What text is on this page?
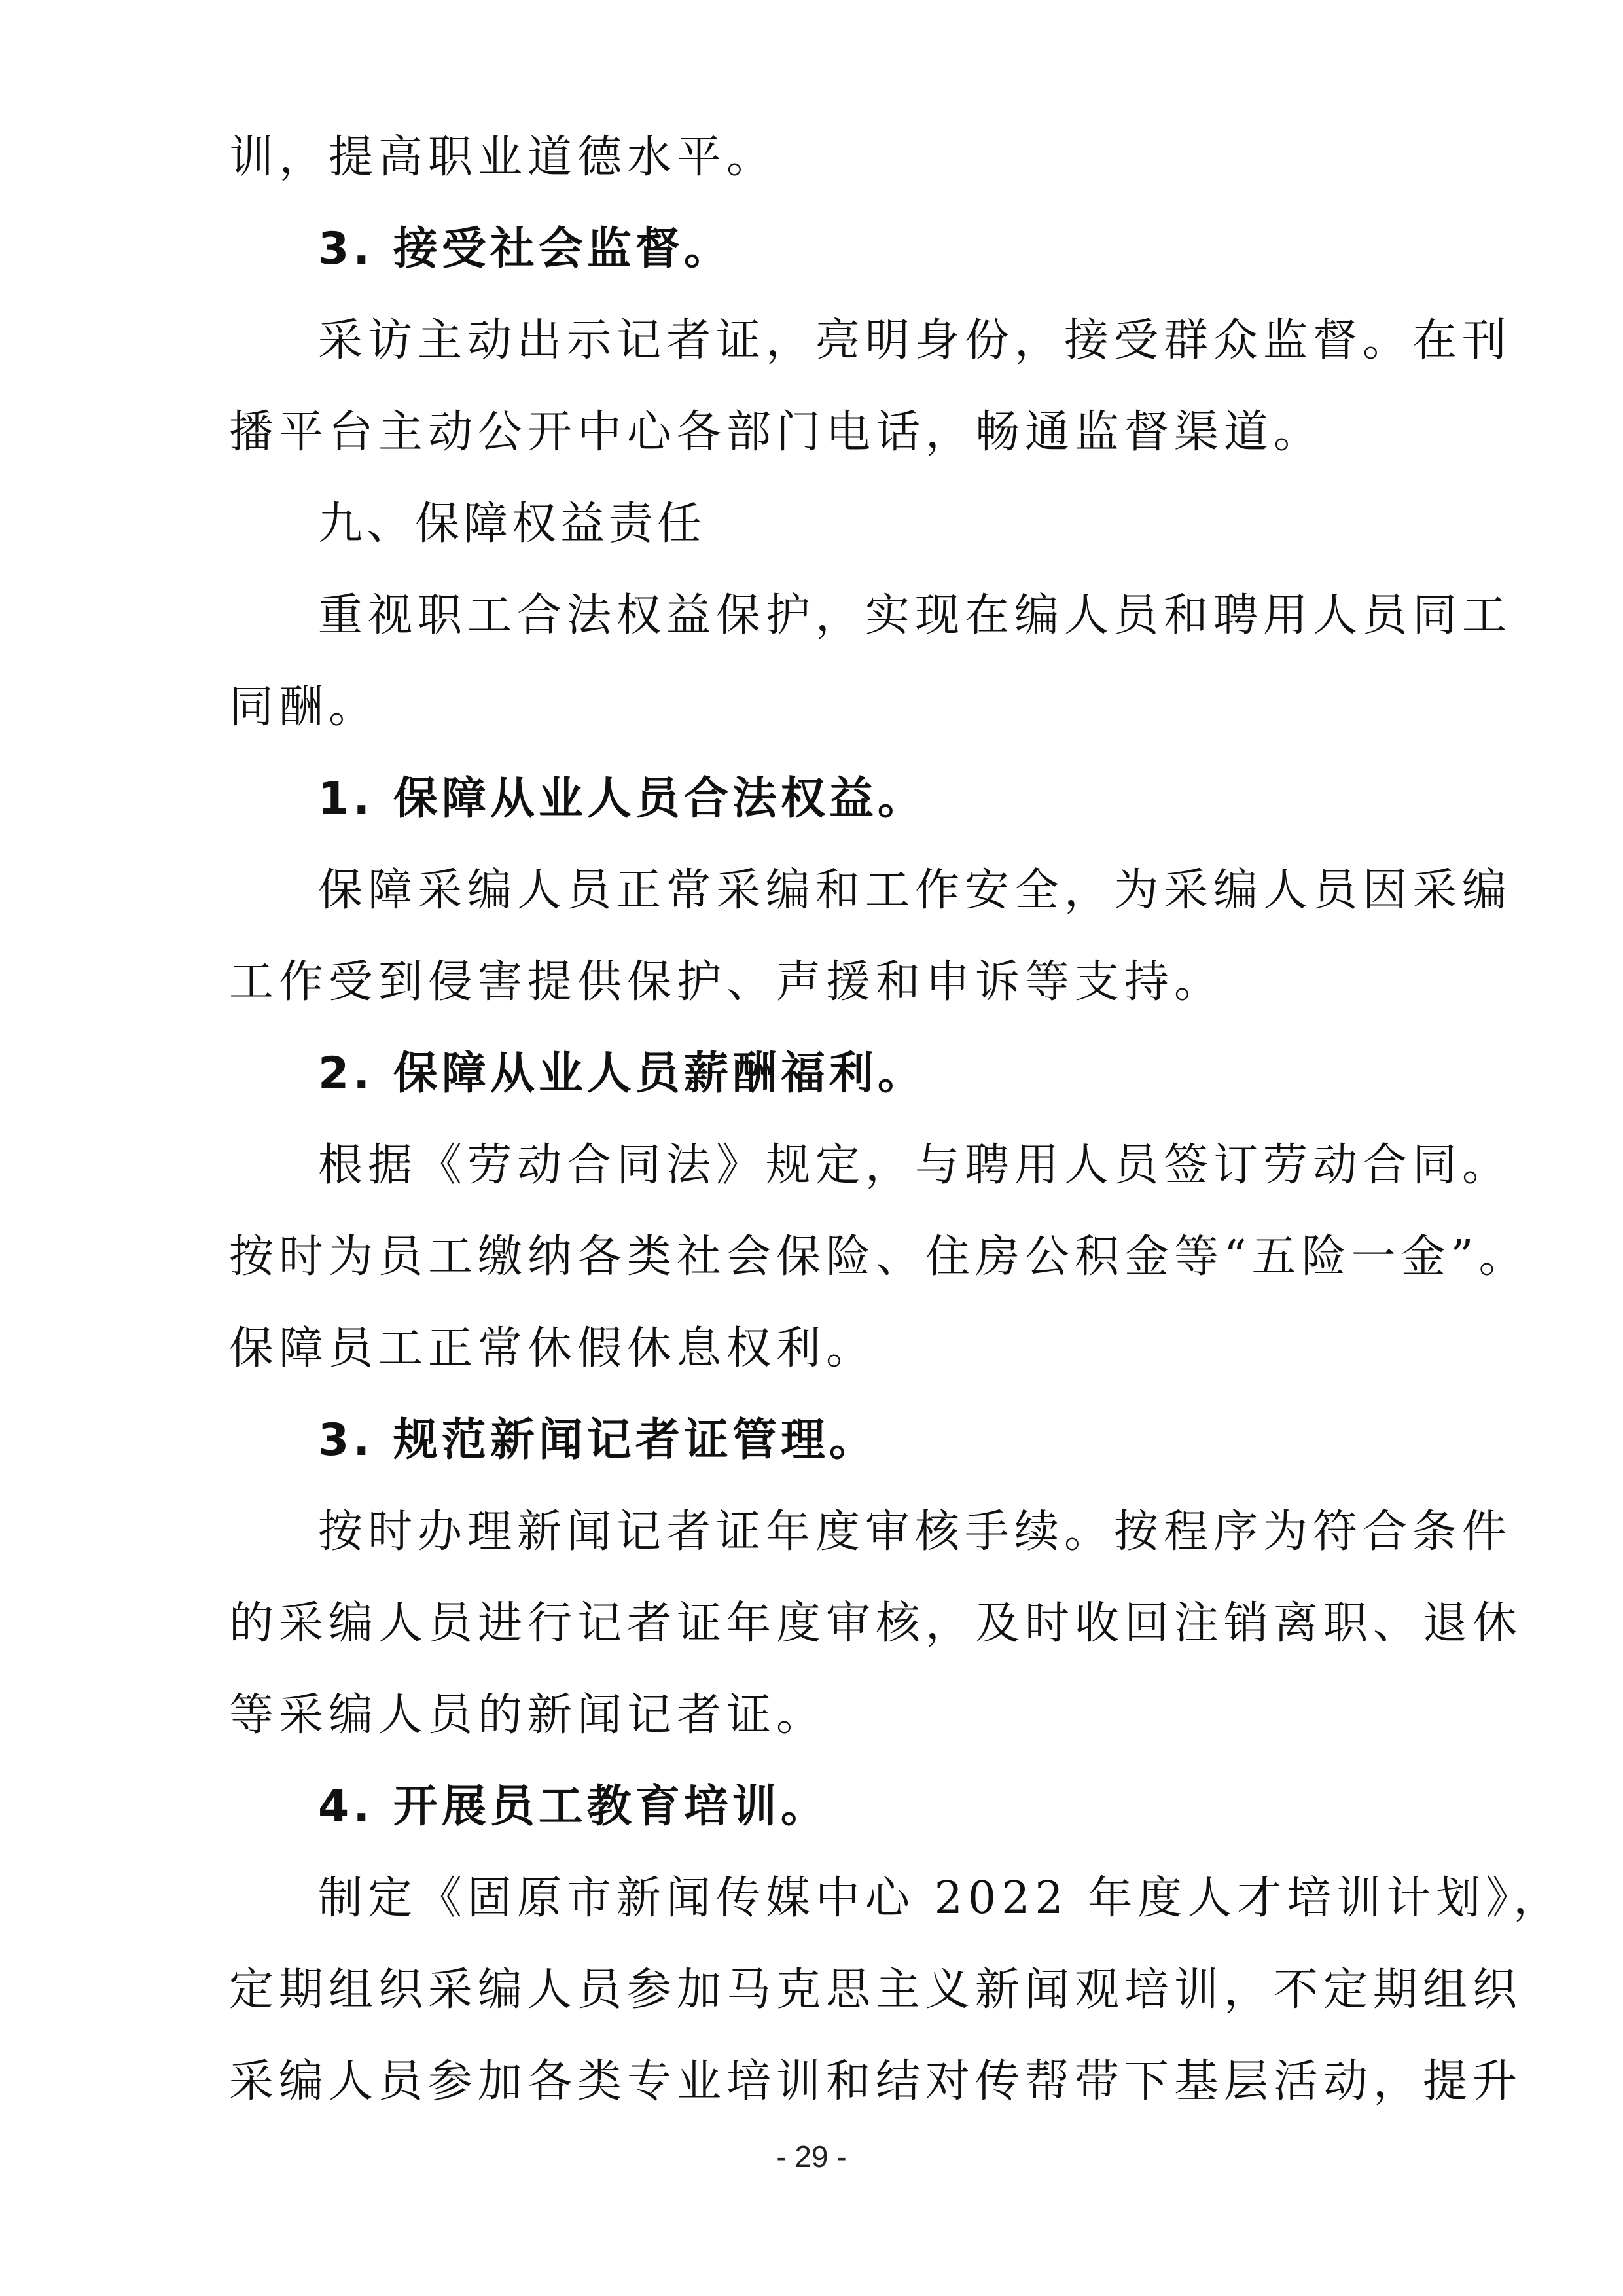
训，提高职业道德水平。
3. 接受社会监督。
采访主动出示记者证，亮明身份，接受群众监督。在刊
播平台主动公开中心各部门电话，畅通监督渠道。
九、保障权益责任
重视职工合法权益保护，实现在编人员和聘用人员同工
同酬。
1. 保障从业人员合法权益。
保障采编人员正常采编和工作安全，为采编人员因采编
工作受到侵害提供保护、声援和申诉等支持。
2. 保障从业人员薪酬福利。
根据《劳动合同法》规定，与聘用人员签订劳动合同。
按时为员工缴纳各类社会保险、住房公积金等“五险一金”。
保障员工正常休假休息权利。
3. 规范新闻记者证管理。
按时办理新闻记者证年度审核手续。按程序为符合条件
的采编人员进行记者证年度审核，及时收回注销离职、退休
等采编人员的新闻记者证。
4. 开展员工教育培训。
制定《固原市新闻传媒中心 2022 年度人才培训计划》，
定期组织采编人员参加马克思主义新闻观培训，不定期组织
采编人员参加各类专业培训和结对传帮带下基层活动，提升
- 29 -
